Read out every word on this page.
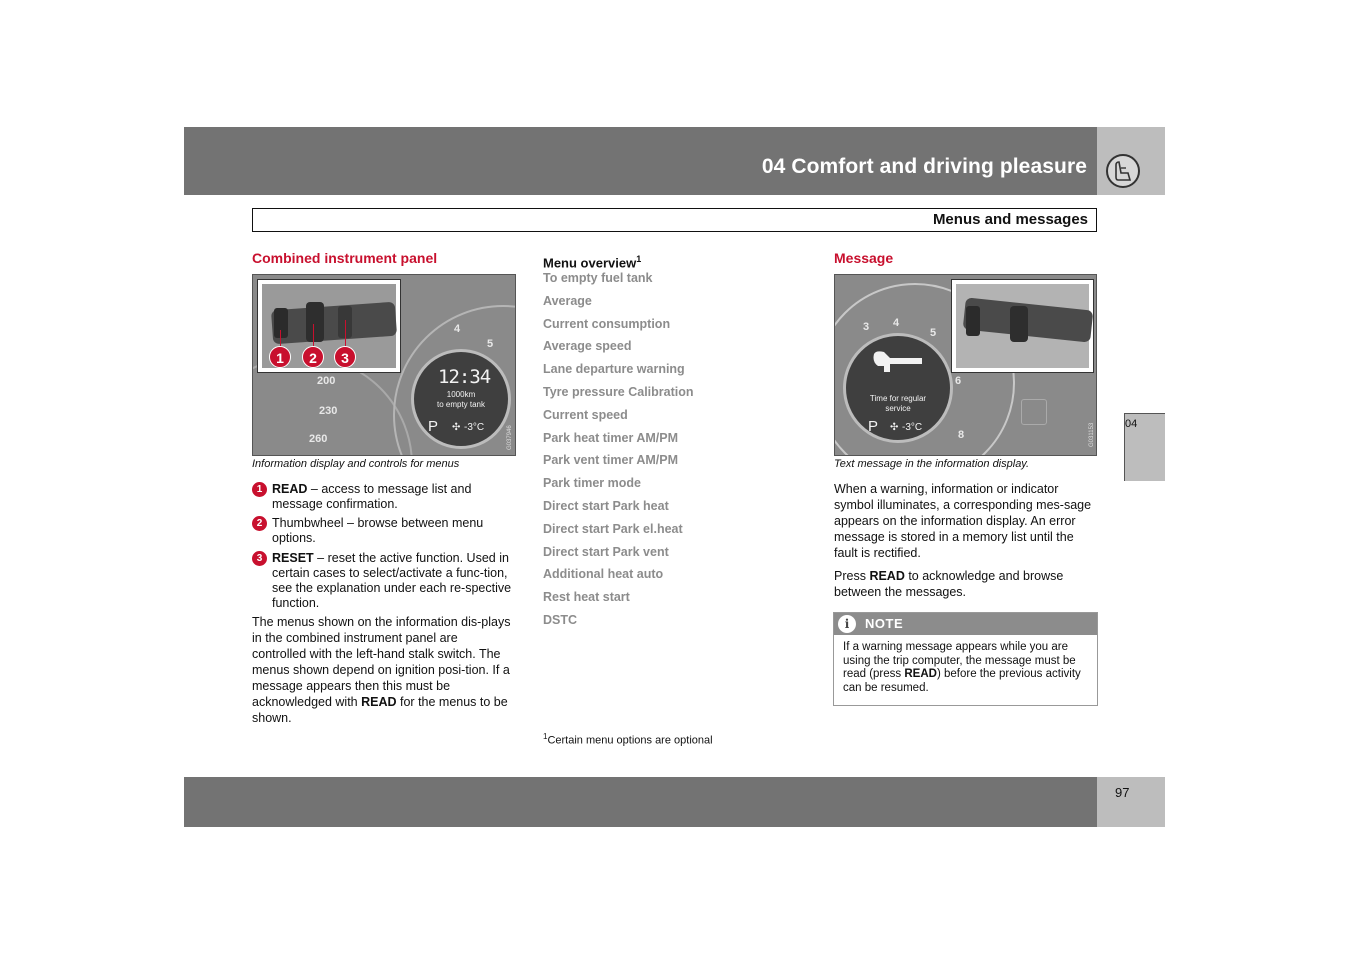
04 Comfort and driving pleasure
Menus and messages
04
Combined instrument panel
4
5
200
230
260
12:34
1000km
to empty tank
P ✣ -3°C	G037946
1	2	3
Information display and controls for menus
1 READ – access to message list and message confirmation.
2 Thumbwheel – browse between menu options.
3 RESET – reset the active function. Used in certain cases to select/activate a func-tion, see the explanation under each re-spective function.
The menus shown on the information dis-plays in the combined instrument panel are controlled with the left-hand stalk switch. The menus shown depend on ignition posi-tion. If a message appears then this must be acknowledged with READ for the menus to be shown.
Menu overview$^1$
To empty fuel tank
Average
Current consumption
Average speed
Lane departure warning
Tyre pressure Calibration
Current speed
Park heat timer AM/PM
Park vent timer AM/PM
Park timer mode
Direct start Park heat
Direct start Park el.heat
Direct start Park vent
Additional heat auto
Rest heat start
DSTC
$^1$Certain menu options are optional
Message
3 4
5
6
8
Time for regular
service
P ✣ -3°C	G031153
Text message in the information display.
When a warning, information or indicator symbol illuminates, a corresponding mes-sage appears on the information display. An error message is stored in a memory list until the fault is rectified.
Press READ to acknowledge and browse between the messages.
i	NOTE
If a warning message appears while you are using the trip computer, the message must be read (press READ) before the previous activity can be resumed.
97
